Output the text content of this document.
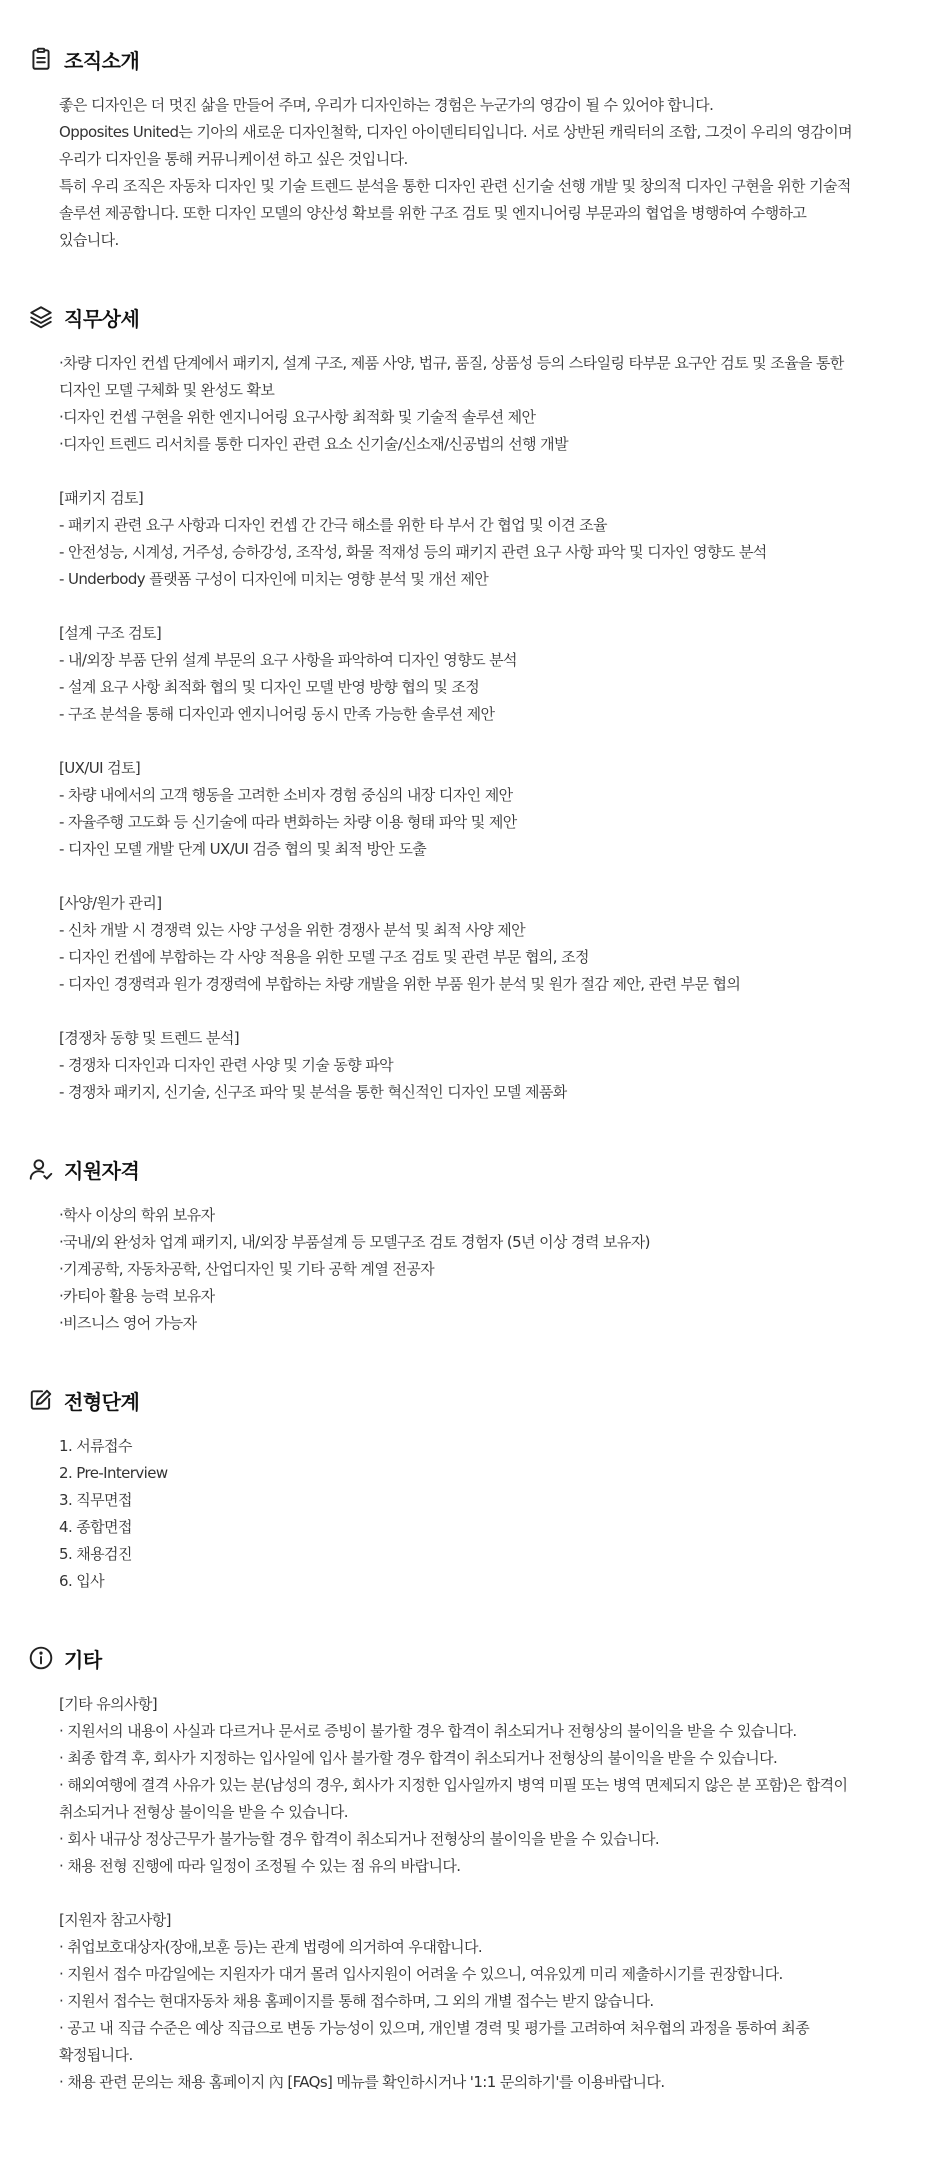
조직소개
좋은 디자인은 더 멋진 삶을 만들어 주며, 우리가 디자인하는 경험은 누군가의 영감이 될 수 있어야 합니다.
Opposites United는 기아의 새로운 디자인철학, 디자인 아이덴티티입니다. 서로 상반된 캐릭터의 조합, 그것이 우리의 영감이며
우리가 디자인을 통해 커뮤니케이션 하고 싶은 것입니다.
특히 우리 조직은 자동차 디자인 및 기술 트렌드 분석을 통한 디자인 관련 신기술 선행 개발 및 창의적 디자인 구현을 위한 기술적
솔루션 제공합니다. 또한 디자인 모델의 양산성 확보를 위한 구조 검토 및 엔지니어링 부문과의 협업을 병행하여 수행하고
있습니다.
직무상세
·차량 디자인 컨셉 단계에서 패키지, 설계 구조, 제품 사양, 법규, 품질, 상품성 등의 스타일링 타부문 요구안 검토 및 조율을 통한
디자인 모델 구체화 및 완성도 확보
·디자인 컨셉 구현을 위한 엔지니어링 요구사항 최적화 및 기술적 솔루션 제안
·디자인 트렌드 리서치를 통한 디자인 관련 요소 신기술/신소재/신공법의 선행 개발
[패키지 검토]
- 패키지 관련 요구 사항과 디자인 컨셉 간 간극 해소를 위한 타 부서 간 협업 및 이견 조율
- 안전성능, 시계성, 거주성, 승하강성, 조작성, 화물 적재성 등의 패키지 관련 요구 사항 파악 및 디자인 영향도 분석
- Underbody 플랫폼 구성이 디자인에 미치는 영향 분석 및 개선 제안
[설계 구조 검토]
- 내/외장 부품 단위 설계 부문의 요구 사항을 파악하여 디자인 영향도 분석
- 설계 요구 사항 최적화 협의 및 디자인 모델 반영 방향 협의 및 조정
- 구조 분석을 통해 디자인과 엔지니어링 동시 만족 가능한 솔루션 제안
[UX/UI 검토]
- 차량 내에서의 고객 행동을 고려한 소비자 경험 중심의 내장 디자인 제안
- 자율주행 고도화 등 신기술에 따라 변화하는 차량 이용 형태 파악 및 제안
- 디자인 모델 개발 단계 UX/UI 검증 협의 및 최적 방안 도출
[사양/원가 관리]
- 신차 개발 시 경쟁력 있는 사양 구성을 위한 경쟁사 분석 및 최적 사양 제안
- 디자인 컨셉에 부합하는 각 사양 적용을 위한 모델 구조 검토 및 관련 부문 협의, 조정
- 디자인 경쟁력과 원가 경쟁력에 부합하는 차량 개발을 위한 부품 원가 분석 및 원가 절감 제안, 관련 부문 협의
[경쟁차 동향 및 트렌드 분석]
- 경쟁차 디자인과 디자인 관련 사양 및 기술 동향 파악
- 경쟁차 패키지, 신기술, 신구조 파악 및 분석을 통한 혁신적인 디자인 모델 제품화
지원자격
·학사 이상의 학위 보유자
·국내/외 완성차 업계 패키지, 내/외장 부품설계 등 모델구조 검토 경험자 (5년 이상 경력 보유자)
·기계공학, 자동차공학, 산업디자인 및 기타 공학 계열 전공자
·카티아 활용 능력 보유자
·비즈니스 영어 가능자
전형단계
1. 서류접수
2. Pre-Interview
3. 직무면접
4. 종합면접
5. 채용검진
6. 입사
기타
[기타 유의사항]
· 지원서의 내용이 사실과 다르거나 문서로 증빙이 불가할 경우 합격이 취소되거나 전형상의 불이익을 받을 수 있습니다.
· 최종 합격 후, 회사가 지정하는 입사일에 입사 불가할 경우 합격이 취소되거나 전형상의 불이익을 받을 수 있습니다.
· 해외여행에 결격 사유가 있는 분(남성의 경우, 회사가 지정한 입사일까지 병역 미필 또는 병역 면제되지 않은 분 포함)은 합격이
취소되거나 전형상 불이익을 받을 수 있습니다.
· 회사 내규상 정상근무가 불가능할 경우 합격이 취소되거나 전형상의 불이익을 받을 수 있습니다.
· 채용 전형 진행에 따라 일정이 조정될 수 있는 점 유의 바랍니다.
[지원자 참고사항]
· 취업보호대상자(장애,보훈 등)는 관계 법령에 의거하여 우대합니다.
· 지원서 접수 마감일에는 지원자가 대거 몰려 입사지원이 어려울 수 있으니, 여유있게 미리 제출하시기를 권장합니다.
· 지원서 접수는 현대자동차 채용 홈페이지를 통해 접수하며, 그 외의 개별 접수는 받지 않습니다.
· 공고 내 직급 수준은 예상 직급으로 변동 가능성이 있으며, 개인별 경력 및 평가를 고려하여 처우협의 과정을 통하여 최종
확정됩니다.
· 채용 관련 문의는 채용 홈페이지 內 [FAQs] 메뉴를 확인하시거나 '1:1 문의하기'를 이용바랍니다.
